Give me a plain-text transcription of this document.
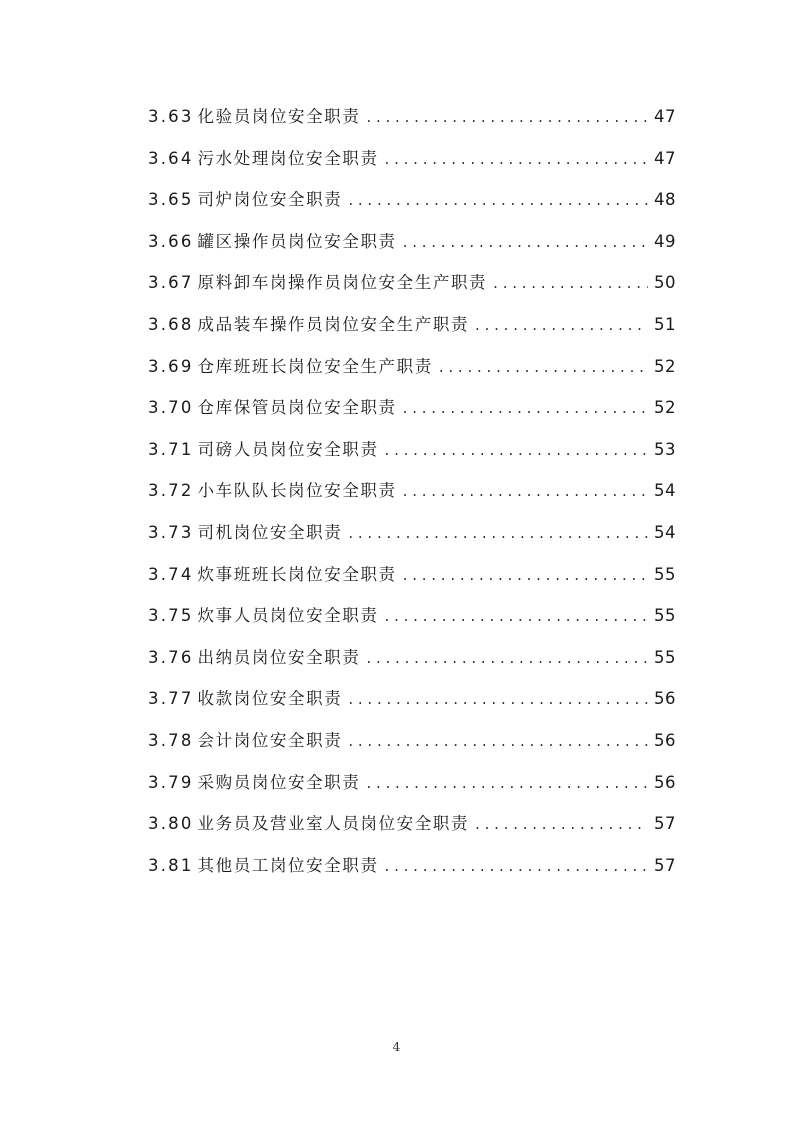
3.63 化验员岗位安全职责 . . .	47
3.64 污水处理岗位安全职责 . . .	47
3.65 司炉岗位安全职责 . . .	48
3.66 罐区操作员岗位安全职责 . . .	49
3.67 原料卸车岗操作员岗位安全生产职责 . . .	50
3.68 成品装车操作员岗位安全生产职责 . . .	51
3.69 仓库班班长岗位安全生产职责 . . .	52
3.70 仓库保管员岗位安全职责 . . .	52
3.71 司磅人员岗位安全职责 . . .	53
3.72 小车队队长岗位安全职责 . . .	54
3.73 司机岗位安全职责 . . .	54
3.74 炊事班班长岗位安全职责 . . .	55
3.75 炊事人员岗位安全职责 . . .	55
3.76 出纳员岗位安全职责 . . .	55
3.77 收款岗位安全职责 . . .	56
3.78 会计岗位安全职责 . . .	56
3.79 采购员岗位安全职责 . . .	56
3.80 业务员及营业室人员岗位安全职责 . . .	57
3.81 其他员工岗位安全职责 . . .	57
4
